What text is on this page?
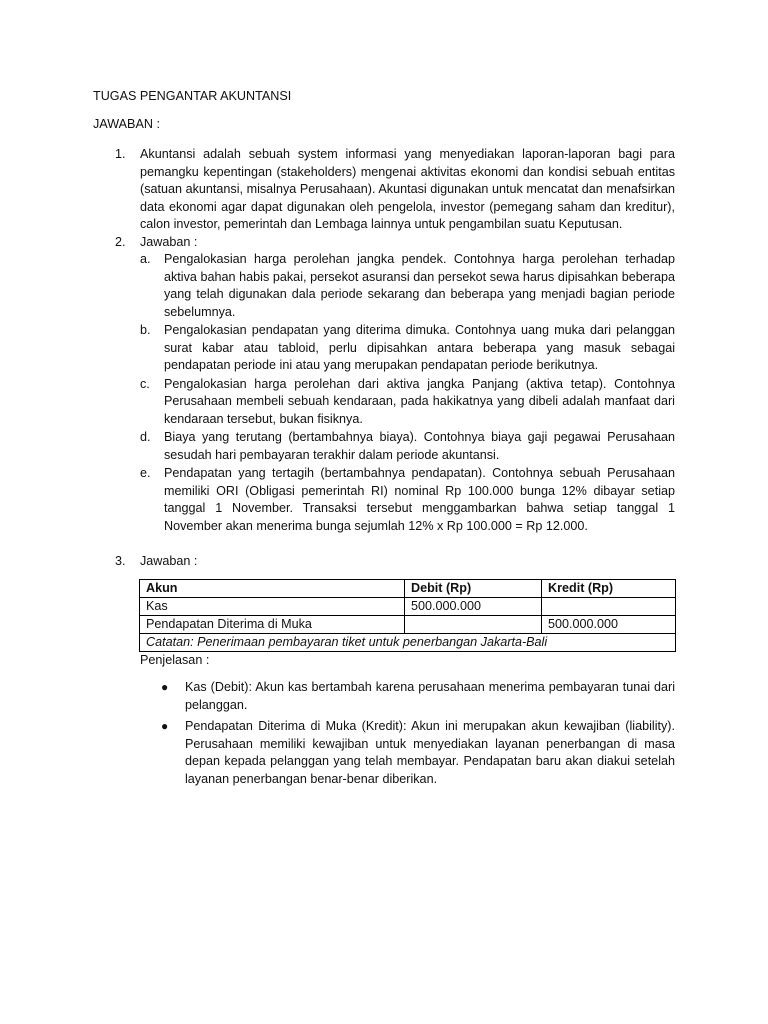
TUGAS PENGANTAR AKUNTANSI
JAWABAN :
1. Akuntansi adalah sebuah system informasi yang menyediakan laporan-laporan bagi para pemangku kepentingan (stakeholders) mengenai aktivitas ekonomi dan kondisi sebuah entitas (satuan akuntansi, misalnya Perusahaan). Akuntasi digunakan untuk mencatat dan menafsirkan data ekonomi agar dapat digunakan oleh pengelola, investor (pemegang saham dan kreditur), calon investor, pemerintah dan Lembaga lainnya untuk pengambilan suatu Keputusan.
2. Jawaban :
a. Pengalokasian harga perolehan jangka pendek. Contohnya harga perolehan terhadap aktiva bahan habis pakai, persekot asuransi dan persekot sewa harus dipisahkan beberapa yang telah digunakan dala periode sekarang dan beberapa yang menjadi bagian periode sebelumnya.
b. Pengalokasian pendapatan yang diterima dimuka. Contohnya uang muka dari pelanggan surat kabar atau tabloid, perlu dipisahkan antara beberapa yang masuk sebagai pendapatan periode ini atau yang merupakan pendapatan periode berikutnya.
c. Pengalokasian harga perolehan dari aktiva jangka Panjang (aktiva tetap). Contohnya Perusahaan membeli sebuah kendaraan, pada hakikatnya yang dibeli adalah manfaat dari kendaraan tersebut, bukan fisiknya.
d. Biaya yang terutang (bertambahnya biaya). Contohnya biaya gaji pegawai Perusahaan sesudah hari pembayaran terakhir dalam periode akuntansi.
e. Pendapatan yang tertagih (bertambahnya pendapatan). Contohnya sebuah Perusahaan memiliki ORI (Obligasi pemerintah RI) nominal Rp 100.000 bunga 12% dibayar setiap tanggal 1 November. Transaksi tersebut menggambarkan bahwa setiap tanggal 1 November akan menerima bunga sejumlah 12% x Rp 100.000 = Rp 12.000.
3. Jawaban :
Akun	Debit (Rp)	Kredit (Rp)
Kas	500.000.000	
Pendapatan Diterima di Muka		500.000.000
Catatan: Penerimaan pembayaran tiket untuk penerbangan Jakarta-Bali		
Penjelasan :
● Kas (Debit): Akun kas bertambah karena perusahaan menerima pembayaran tunai dari pelanggan.
● Pendapatan Diterima di Muka (Kredit): Akun ini merupakan akun kewajiban (liability). Perusahaan memiliki kewajiban untuk menyediakan layanan penerbangan di masa depan kepada pelanggan yang telah membayar. Pendapatan baru akan diakui setelah layanan penerbangan benar-benar diberikan.
